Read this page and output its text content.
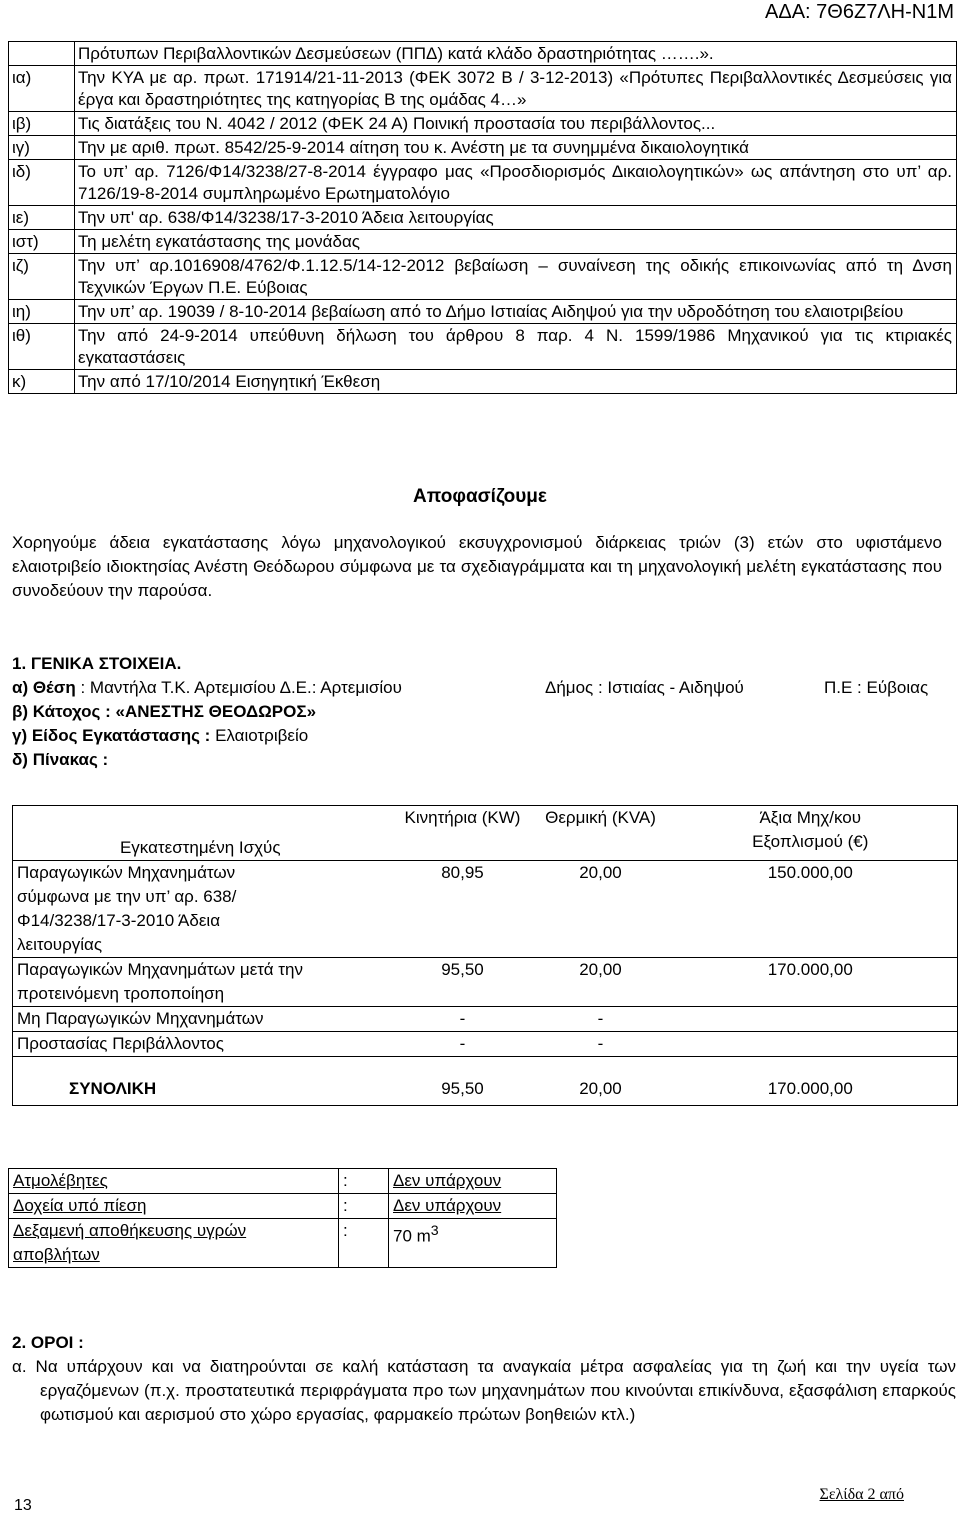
ΑΔΑ: 7Θ6Ζ7ΛΗ-Ν1Μ
	Πρότυπων Περιβαλλοντικών Δεσμεύσεων (ΠΠΔ) κατά κλάδο δραστηριότητας …….».
ια)	Την ΚΥΑ με αρ. πρωτ. 171914/21-11-2013 (ΦΕΚ 3072 Β / 3-12-2013) «Πρότυπες Περιβαλλοντικές Δεσμεύσεις για έργα και δραστηριότητες της κατηγορίας Β της ομάδας 4…»
ιβ)	Τις διατάξεις του Ν. 4042 / 2012 (ΦΕΚ 24 Α) Ποινική προστασία του περιβάλλοντος...
ιγ)	Την με αριθ. πρωτ. 8542/25-9-2014 αίτηση του κ. Ανέστη με τα συνημμένα δικαιολογητικά
ιδ)	Το υπ’ αρ. 7126/Φ14/3238/27-8-2014 έγγραφο μας «Προσδιορισμός Δικαιολογητικών» ως απάντηση στο υπ’ αρ. 7126/19-8-2014 συμπληρωμένο Ερωτηματολόγιο
ιε)	Την υπ' αρ. 638/Φ14/3238/17-3-2010 Άδεια λειτουργίας
ιστ)	Τη μελέτη εγκατάστασης της μονάδας
ιζ)	Την υπ’ αρ.1016908/4762/Φ.1.12.5/14-12-2012 βεβαίωση – συναίνεση της οδικής επικοινωνίας από τη Δνση Τεχνικών Έργων Π.Ε. Εύβοιας
ιη)	Την υπ’ αρ. 19039 / 8-10-2014 βεβαίωση από το Δήμο Ιστιαίας Αιδηψού για την υδροδότηση του ελαιοτριβείου
ιθ)	Την από 24-9-2014 υπεύθυνη δήλωση του άρθρου 8 παρ. 4 Ν. 1599/1986 Μηχανικού για τις κτιριακές εγκαταστάσεις
κ)	Την από 17/10/2014 Εισηγητική Έκθεση
Αποφασίζουμε
Χορηγούμε άδεια εγκατάστασης λόγω μηχανολογικού εκσυγχρονισμού διάρκειας τριών (3) ετών στο υφιστάμενο ελαιοτριβείο ιδιοκτησίας Ανέστη Θεόδωρου σύμφωνα με τα σχεδιαγράμματα και τη μηχανολογική μελέτη εγκατάστασης που συνοδεύουν την παρούσα.
1. ΓΕΝΙΚΑ ΣΤΟΙΧΕΙΑ.
α) Θέση : Μαντήλα Τ.Κ. Αρτεμισίου Δ.Ε.: Αρτεμισίου	Δήμος : Ιστιαίας - Αιδηψού	Π.Ε : Εύβοιας
β) Κάτοχος : «ΑΝΕΣΤΗΣ ΘΕΟΔΩΡΟΣ»
γ) Είδος Εγκατάστασης : Ελαιοτριβείο
δ) Πίνακας :
Εγκατεστημένη Ισχύς	Κινητήρια (KW)	Θερμική (KVA)	Άξια Μηχ/κου Εξοπλισμού (€)
Παραγωγικών Μηχανημάτων σύμφωνα με την υπ’ αρ. 638/Φ14/3238/17-3-2010 Άδεια λειτουργίας	80,95	20,00	150.000,00
Παραγωγικών Μηχανημάτων μετά την προτεινόμενη τροποποίηση	95,50	20,00	170.000,00
Μη Παραγωγικών Μηχανημάτων	-	-	
Προστασίας Περιβάλλοντος	-	-	

ΣΥΝΟΛΙΚΗ	95,50	20,00	170.000,00
Ατμολέβητες	:	Δεν υπάρχουν
Δοχεία υπό πίεση	:	Δεν υπάρχουν
Δεξαμενή αποθήκευσης υγρών αποβλήτων	:	70 $m^3$
2. ΟΡΟΙ :
α. Να υπάρχουν και να διατηρούνται σε καλή κατάσταση τα αναγκαία μέτρα ασφαλείας για τη ζωή και την υγεία των εργαζόμενων (π.χ. προστατευτικά περιφράγματα προ των μηχανημάτων που κινούνται επικίνδυνα, εξασφάλιση επαρκούς φωτισμού και αερισμού στο χώρο εργασίας, φαρμακείο πρώτων βοηθειών κτλ.)
13
Σελίδα 2 από
